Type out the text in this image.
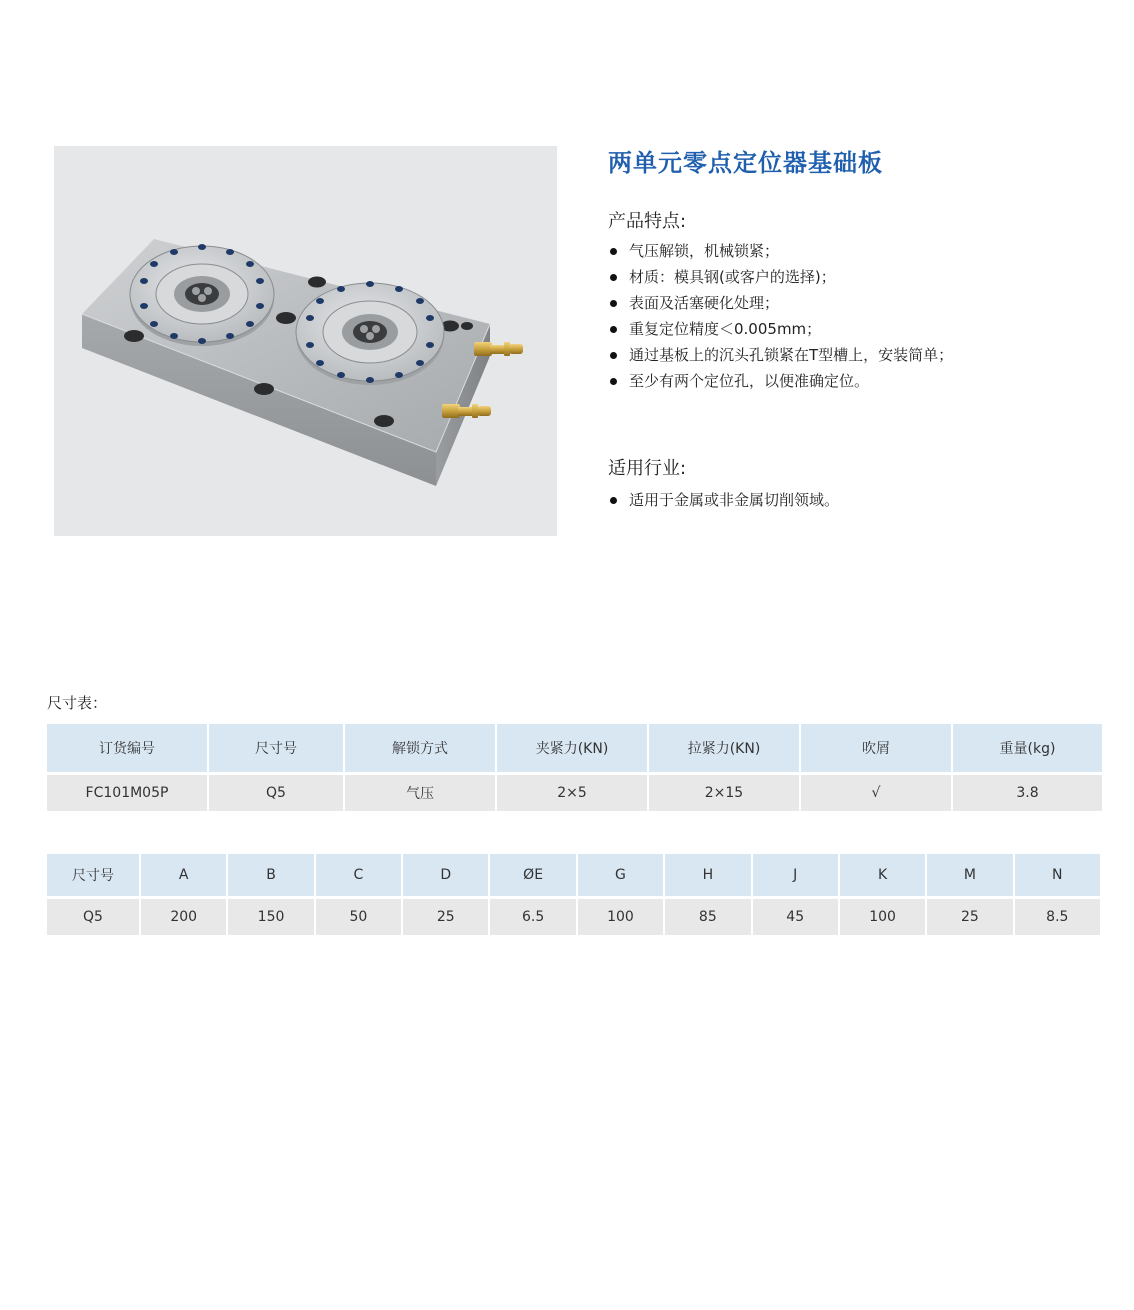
两单元零点定位器基础板
产品特点:
气压解锁，机械锁紧；
材质：模具钢(或客户的选择)；
表面及活塞硬化处理；
重复定位精度＜0.005mm；
通过基板上的沉头孔锁紧在T型槽上，安装简单；
至少有两个定位孔，以便准确定位。
适用行业:
适用于金属或非金属切削领域。
尺寸表：
订货编号	尺寸号	解锁方式	夹紧力(KN)	拉紧力(KN)	吹屑	重量(kg)
FC101M05P	Q5	气压	2×5	2×15	√	3.8
尺寸号	A	B	C	D	ØE	G	H	J	K	M	N
Q5	200	150	50	25	6.5	100	85	45	100	25	8.5
